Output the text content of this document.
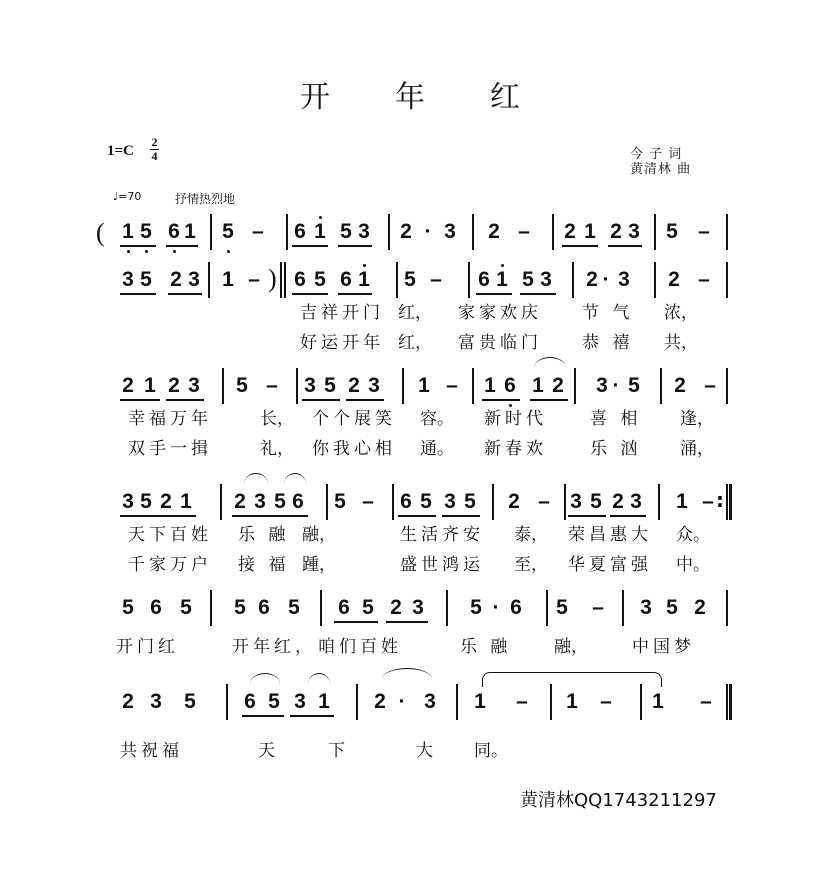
开 年 红
1=C
2
4	今 子 词
黄清林 曲
♩=70	抒情热烈地
( 1 5 6 1 5 – 6 1 5 3 2 · 3 2 – 2 1 2 3 5 –
3 5 2 3 1 – 6 5 6 1 5 – 6 1 5 3 2 · 3 2 –
2 1 2 3 5 – 3 5 2 3 1 – 1 6 1 2 3 · 5 2 –
3 5 2 1 2 3 5 6 5 – 6 5 3 5 2 – 3 5 2 3 1 –
5 6 5 5 6 5 6 5 2 3 5 · 6 5 – 3 5 2
2 3 5 6 5 3 1 2 · 3 1 – 1 – 1 –
)
:
吉祥开门 红， 家家欢庆 节 气 浓，
好运开年 红， 富贵临门 恭 禧 共，
幸福万年	长， 个个展笑 容。 新时代	喜 相 逢，
双手一揖	礼， 你我心相 通。 新春欢	乐 汹 涌，
天下百姓 乐 融 融，	生活齐安 泰， 荣昌惠大 众。
千家万户 接 福 踵，	盛世鸿运 至， 华夏富强 中。
开门红	开年红， 咱们百姓	乐 融	融，	中国梦
共祝福	天	下	大 同。
黄清林QQ1743211297
